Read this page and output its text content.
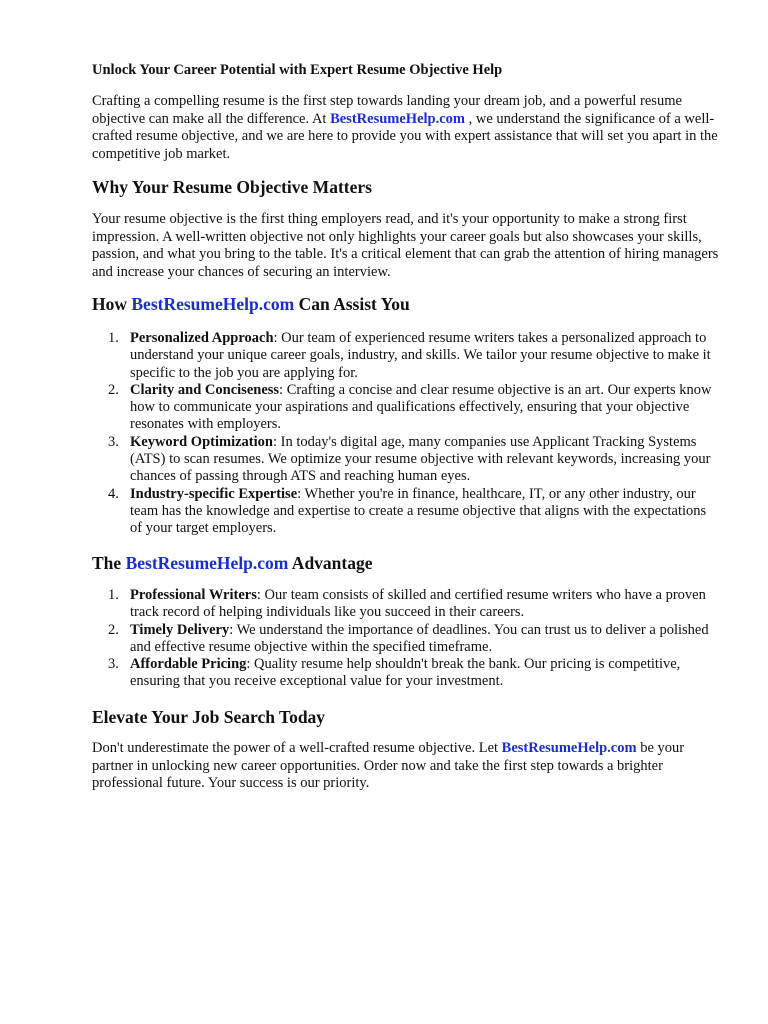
Unlock Your Career Potential with Expert Resume Objective Help

Crafting a compelling resume is the first step towards landing your dream job, and a powerful resume objective can make all the difference. At BestResumeHelp.com , we understand the significance of a well-crafted resume objective, and we are here to provide you with expert assistance that will set you apart in the competitive job market.

Why Your Resume Objective Matters

Your resume objective is the first thing employers read, and it's your opportunity to make a strong first impression. A well-written objective not only highlights your career goals but also showcases your skills, passion, and what you bring to the table. It's a critical element that can grab the attention of hiring managers and increase your chances of securing an interview.

How BestResumeHelp.com Can Assist You
1. Personalized Approach: Our team of experienced resume writers takes a personalized approach to understand your unique career goals, industry, and skills. We tailor your resume objective to make it specific to the job you are applying for.
2. Clarity and Conciseness: Crafting a concise and clear resume objective is an art. Our experts know how to communicate your aspirations and qualifications effectively, ensuring that your objective resonates with employers.
3. Keyword Optimization: In today's digital age, many companies use Applicant Tracking Systems (ATS) to scan resumes. We optimize your resume objective with relevant keywords, increasing your chances of passing through ATS and reaching human eyes.
4. Industry-specific Expertise: Whether you're in finance, healthcare, IT, or any other industry, our team has the knowledge and expertise to create a resume objective that aligns with the expectations of your target employers.
The BestResumeHelp.com Advantage
1. Professional Writers: Our team consists of skilled and certified resume writers who have a proven track record of helping individuals like you succeed in their careers.
2. Timely Delivery: We understand the importance of deadlines. You can trust us to deliver a polished and effective resume objective within the specified timeframe.
3. Affordable Pricing: Quality resume help shouldn't break the bank. Our pricing is competitive, ensuring that you receive exceptional value for your investment.
Elevate Your Job Search Today

Don't underestimate the power of a well-crafted resume objective. Let BestResumeHelp.com be your partner in unlocking new career opportunities. Order now and take the first step towards a brighter professional future. Your success is our priority.
